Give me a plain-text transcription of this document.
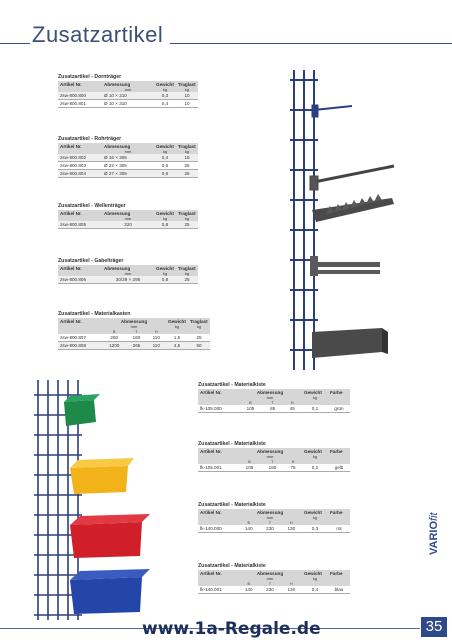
Zusatzartikel
Zusatzartikel - Dornträger
Artikel Nr.	Abmessung	Gewicht	Traglast
	mm	kg	kg
zsw-800.800	Ø 10 × 210	0,3	10
zsw-800.801	Ø 10 × 310	0,4	10
Zusatzartikel - Rohrträger
Artikel Nr.	Abmessung	Gewicht	Traglast
	mm	kg	kg
zsw-800.802	Ø 16 × 305	0,4	15
zsw-800.803	Ø 22 × 305	0,5	25
zsw-800.804	Ø 27 × 305	0,6	25
Zusatzartikel - Wellenträger
Artikel Nr.	Abmessung	Gewicht	Traglast
	mm	kg	kg
zsw-800.805	320	0,8	25
Zusatzartikel - Gabelträger
Artikel Nr.	Abmessung	Gewicht	Traglast
	mm	kg	kg
zsw-800.806	30/39 × 295	0,8	25
Zusatzartikel - Materialkasten
Artikel Nr.	Abmessung			Gewicht	Traglast
	mm			kg	kg
	B	T	H		
zsw-800.807	260	160	110	1,5	25
zsw-800.808	1200	265	110	4,5	50
Zusatzartikel - Materialkiste
Artikel Nr.	Abmessung			Gewicht	Farbe
	mm			kg	
	B	T	H		
fk-105.000	105	85	45	0,1	grün
Zusatzartikel - Materialkiste
Artikel Nr.	Abmessung			Gewicht	Farbe
	mm			kg	
	B	T	H		
fk-105.001	105	160	75	0,2	gelb
Zusatzartikel - Materialkiste
Artikel Nr.	Abmessung			Gewicht	Farbe
	mm			kg	
	B	T	H		
fk-140.000	140	230	130	0,3	rot
Zusatzartikel - Materialkiste
Artikel Nr.	Abmessung			Gewicht	Farbe
	mm			kg	
	B	T	H		
fk-140.001	140	230	130	0,4	blau
VARIOfit
www.1a-Regale.de	35
